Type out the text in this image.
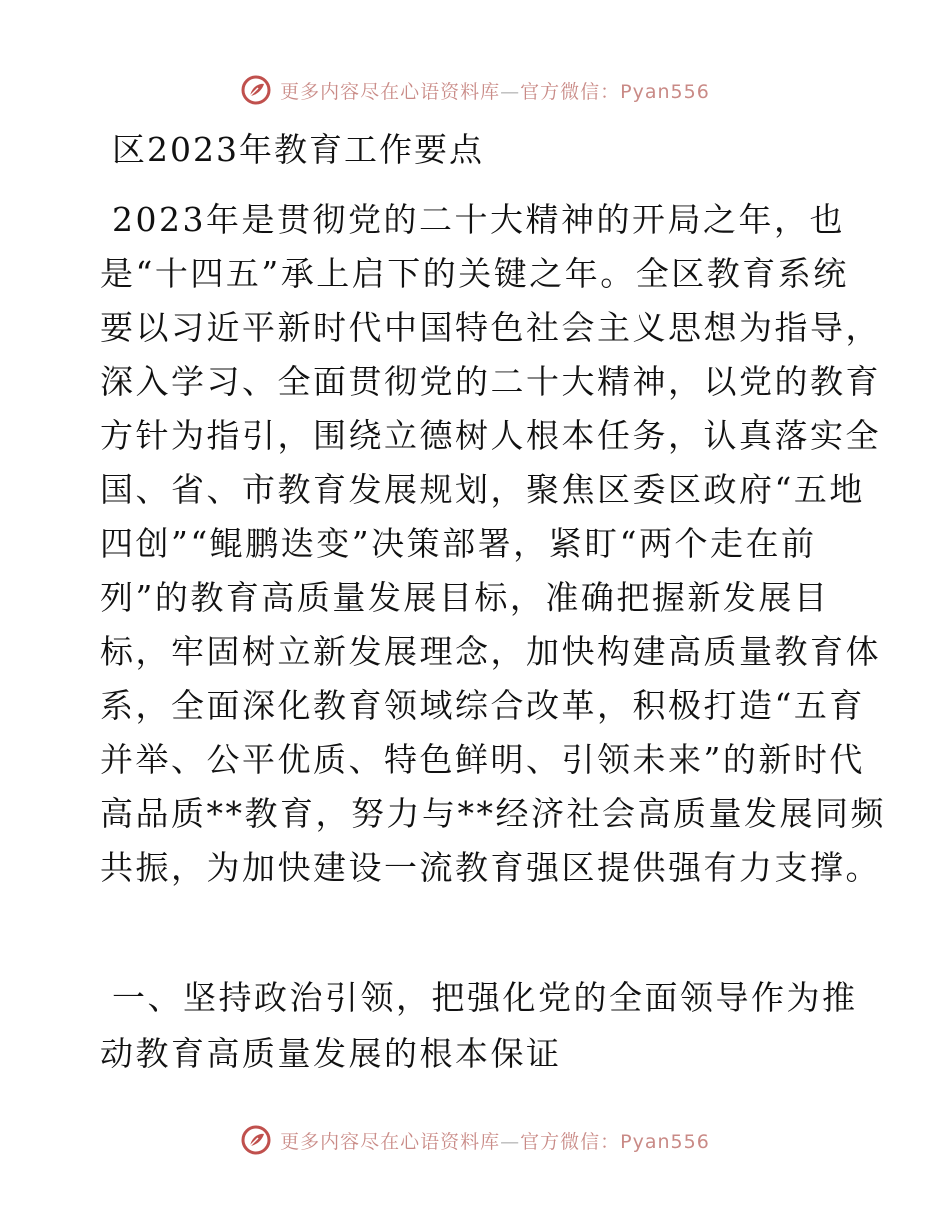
更多内容尽在心语资料库—官方微信：Pyan556
区2023年教育工作要点
2023年是贯彻党的二十大精神的开局之年，也
是“十四五”承上启下的关键之年。全区教育系统
要以习近平新时代中国特色社会主义思想为指导，
深入学习、全面贯彻党的二十大精神，以党的教育
方针为指引，围绕立德树人根本任务，认真落实全
国、省、市教育发展规划，聚焦区委区政府“五地
四创”“鲲鹏迭变”决策部署，紧盯“两个走在前
列”的教育高质量发展目标，准确把握新发展目
标，牢固树立新发展理念，加快构建高质量教育体
系，全面深化教育领域综合改革，积极打造“五育
并举、公平优质、特色鲜明、引领未来”的新时代
高品质**教育，努力与**经济社会高质量发展同频
共振，为加快建设一流教育强区提供强有力支撑。
一、坚持政治引领，把强化党的全面领导作为推
动教育高质量发展的根本保证
更多内容尽在心语资料库—官方微信：Pyan556
